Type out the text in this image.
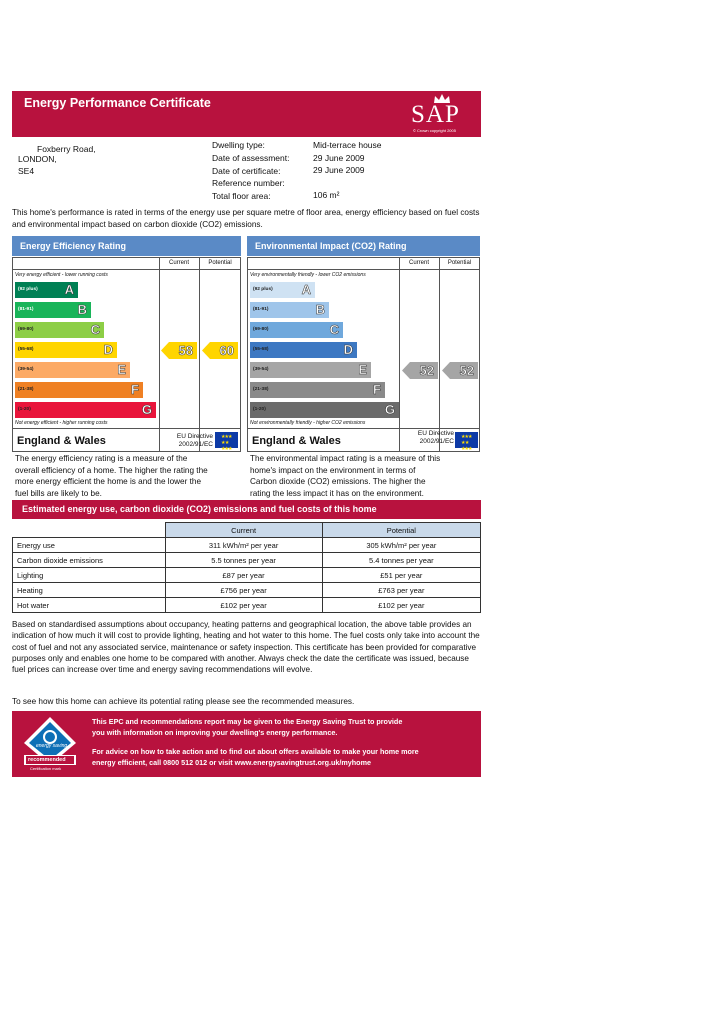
Energy Performance Certificate	SAP
© Crown copyright 2005
Foxberry Road,
LONDON,
SE4
Dwelling type:	Mid-terrace house
Date of assessment:	29 June 2009
Date of certificate:	29 June 2009
Reference number:
Total floor area:	106 m²
This home's performance is rated in terms of the energy use per square metre of floor area, energy efficiency based on fuel costs and environmental impact based on carbon dioxide (CO2) emissions.
Energy Efficiency Rating
Current	Potential
Very energy efficient - lower running costs
(92 plus) A
(81-91)	B
(69-80)	C
(55-68)	D
(39-54)	E
(21-38)	F
(1-20)	G
58 60
Not energy efficient - higher running costs
England & Wales	EU Directive
2002/91/EC
★★★
★ ★
★★★
The energy efficiency rating is a measure of the
overall efficiency of a home. The higher the rating the
more energy efficient the home is and the lower the
fuel bills are likely to be.
Environmental Impact (CO2) Rating
Current	Potential
Very environmentally friendly - lower CO2 emissions
(92 plus) A
(81-91)	B
(69-80)	C
(55-68)	D
(39-54)	E
(21-38)	F
(1-20)	G
52 52
Not environmentally friendly - higher CO2 emissions
England & Wales
EU Directive
2002/91/EC
★★★
★ ★
★★★
The environmental impact rating is a measure of this
home's impact on the environment in terms of
Carbon dioxide (CO2) emissions. The higher the
rating the less impact it has on the environment.
Estimated energy use, carbon dioxide (CO2) emissions and fuel costs of this home
	Current	Potential
Energy use	311 kWh/m² per year	305 kWh/m² per year
Carbon dioxide emissions	5.5 tonnes per year	5.4 tonnes per year
Lighting	£87 per year	£51 per year
Heating	£756 per year	£763 per year
Hot water	£102 per year	£102 per year
Based on standardised assumptions about occupancy, heating patterns and geographical location, the above table provides an indication of how much it will cost to provide lighting, heating and hot water to this home. The fuel costs only take into account the cost of fuel and not any associated service, maintenance or safety inspection. This certificate has been provided for comparative purposes only and enables one home to be compared with another. Always check the date the certificate was issued, because fuel prices can increase over time and energy saving recommendations will evolve.
To see how this home can achieve its potential rating please see the recommended measures.
energy saving
recommended
Certification mark
This EPC and recommendations report may be given to the Energy Saving Trust to provide
you with information on improving your dwelling's energy performance.
For advice on how to take action and to find out about offers available to make your home more
energy efficient, call 0800 512 012 or visit www.energysavingtrust.org.uk/myhome
